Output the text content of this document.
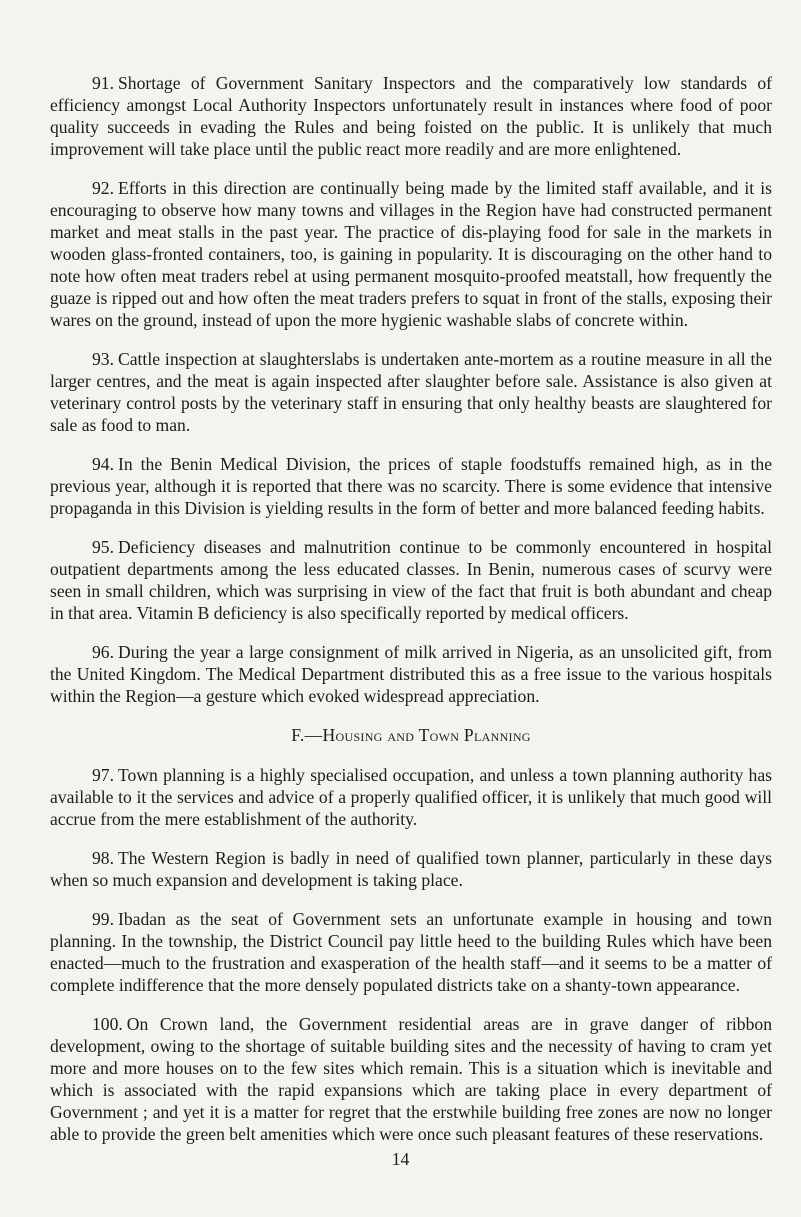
91. Shortage of Government Sanitary Inspectors and the comparatively low standards of efficiency amongst Local Authority Inspectors unfortunately result in instances where food of poor quality succeeds in evading the Rules and being foisted on the public. It is unlikely that much improvement will take place until the public react more readily and are more enlightened.

92. Efforts in this direction are continually being made by the limited staff available, and it is encouraging to observe how many towns and villages in the Region have had constructed permanent market and meat stalls in the past year. The practice of dis-playing food for sale in the markets in wooden glass-fronted containers, too, is gaining in popularity. It is discouraging on the other hand to note how often meat traders rebel at using permanent mosquito-proofed meatstall, how frequently the guaze is ripped out and how often the meat traders prefers to squat in front of the stalls, exposing their wares on the ground, instead of upon the more hygienic washable slabs of concrete within.

93. Cattle inspection at slaughterslabs is undertaken ante-mortem as a routine measure in all the larger centres, and the meat is again inspected after slaughter before sale. Assistance is also given at veterinary control posts by the veterinary staff in ensuring that only healthy beasts are slaughtered for sale as food to man.

94. In the Benin Medical Division, the prices of staple foodstuffs remained high, as in the previous year, although it is reported that there was no scarcity. There is some evidence that intensive propaganda in this Division is yielding results in the form of better and more balanced feeding habits.

95. Deficiency diseases and malnutrition continue to be commonly encountered in hospital outpatient departments among the less educated classes. In Benin, numerous cases of scurvy were seen in small children, which was surprising in view of the fact that fruit is both abundant and cheap in that area. Vitamin B deficiency is also specifically reported by medical officers.

96. During the year a large consignment of milk arrived in Nigeria, as an unsolicited gift, from the United Kingdom. The Medical Department distributed this as a free issue to the various hospitals within the Region—a gesture which evoked widespread appreciation.

F.—Housing and Town Planning

97. Town planning is a highly specialised occupation, and unless a town planning authority has available to it the services and advice of a properly qualified officer, it is unlikely that much good will accrue from the mere establishment of the authority.

98. The Western Region is badly in need of qualified town planner, particularly in these days when so much expansion and development is taking place.

99. Ibadan as the seat of Government sets an unfortunate example in housing and town planning. In the township, the District Council pay little heed to the building Rules which have been enacted—much to the frustration and exasperation of the health staff—and it seems to be a matter of complete indifference that the more densely populated districts take on a shanty-town appearance.

100. On Crown land, the Government residential areas are in grave danger of ribbon development, owing to the shortage of suitable building sites and the necessity of having to cram yet more and more houses on to the few sites which remain. This is a situation which is inevitable and which is associated with the rapid expansions which are taking place in every department of Government ; and yet it is a matter for regret that the erstwhile building free zones are now no longer able to provide the green belt amenities which were once such pleasant features of these reservations.

14
